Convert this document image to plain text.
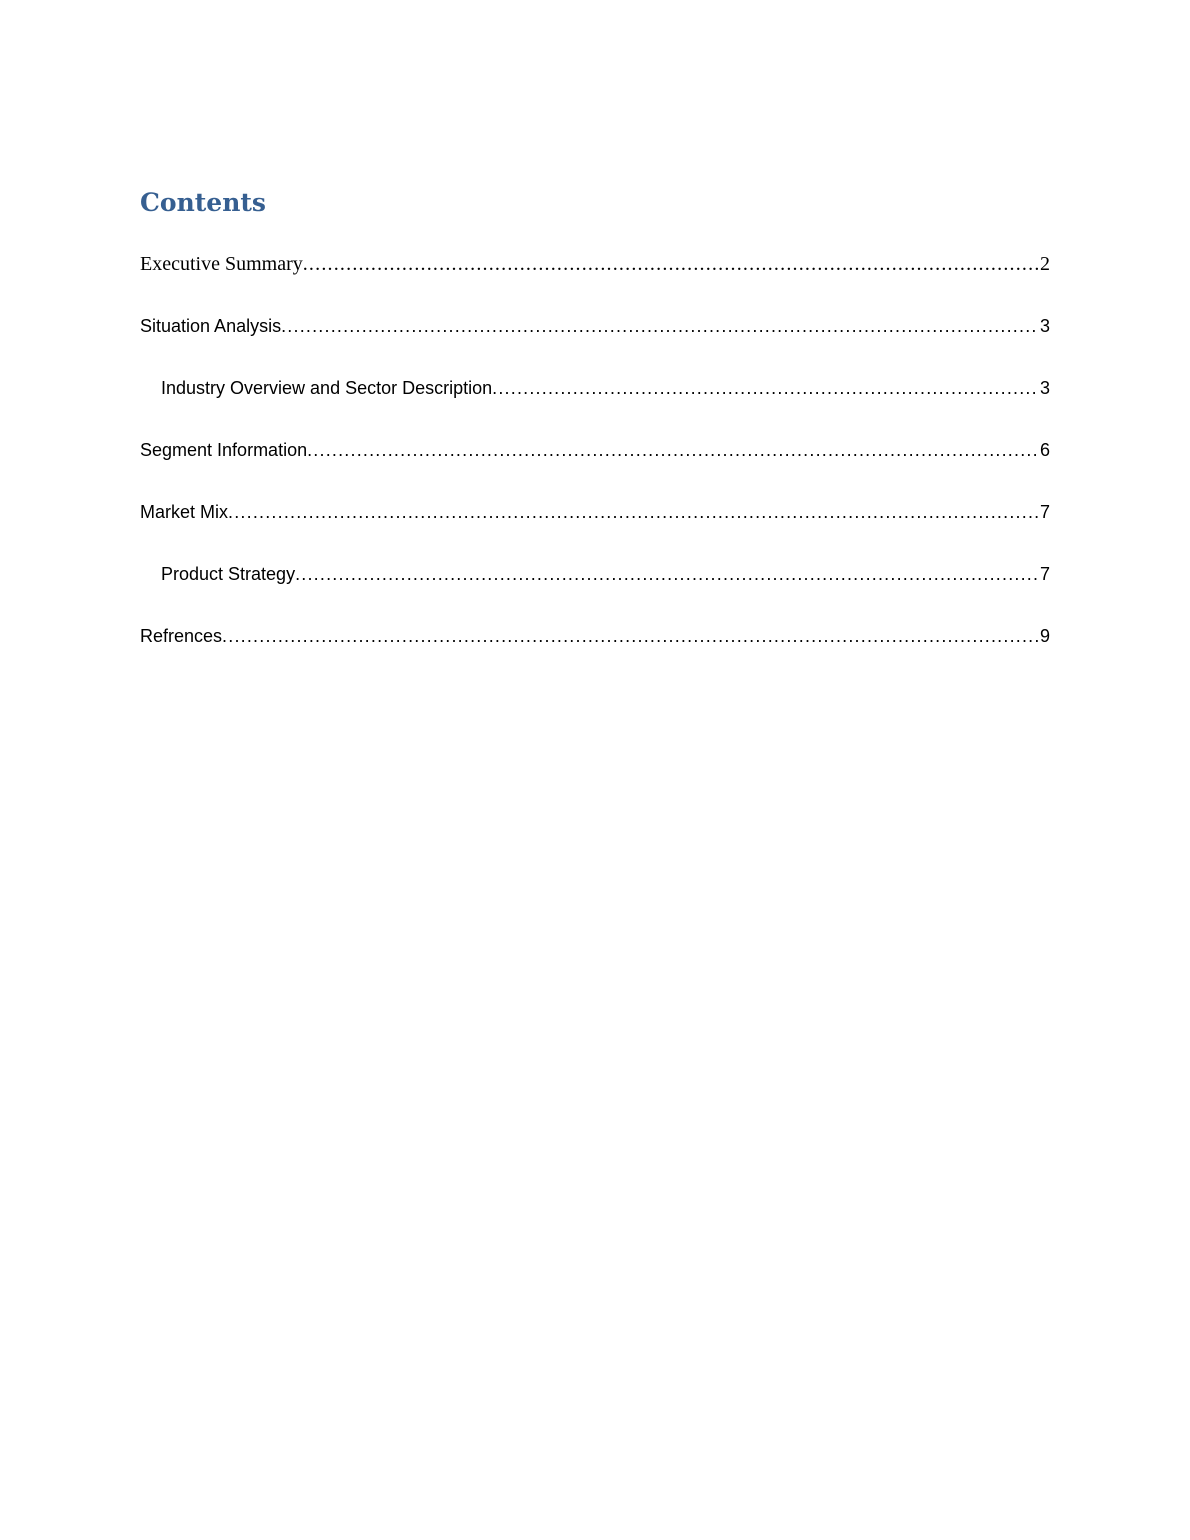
Contents
Executive Summary .....	2
Situation Analysis .....	3
Industry Overview and Sector Description .....	3
Segment Information .....	6
Market Mix .....	7
Product Strategy .....	7
Refrences .....	9
